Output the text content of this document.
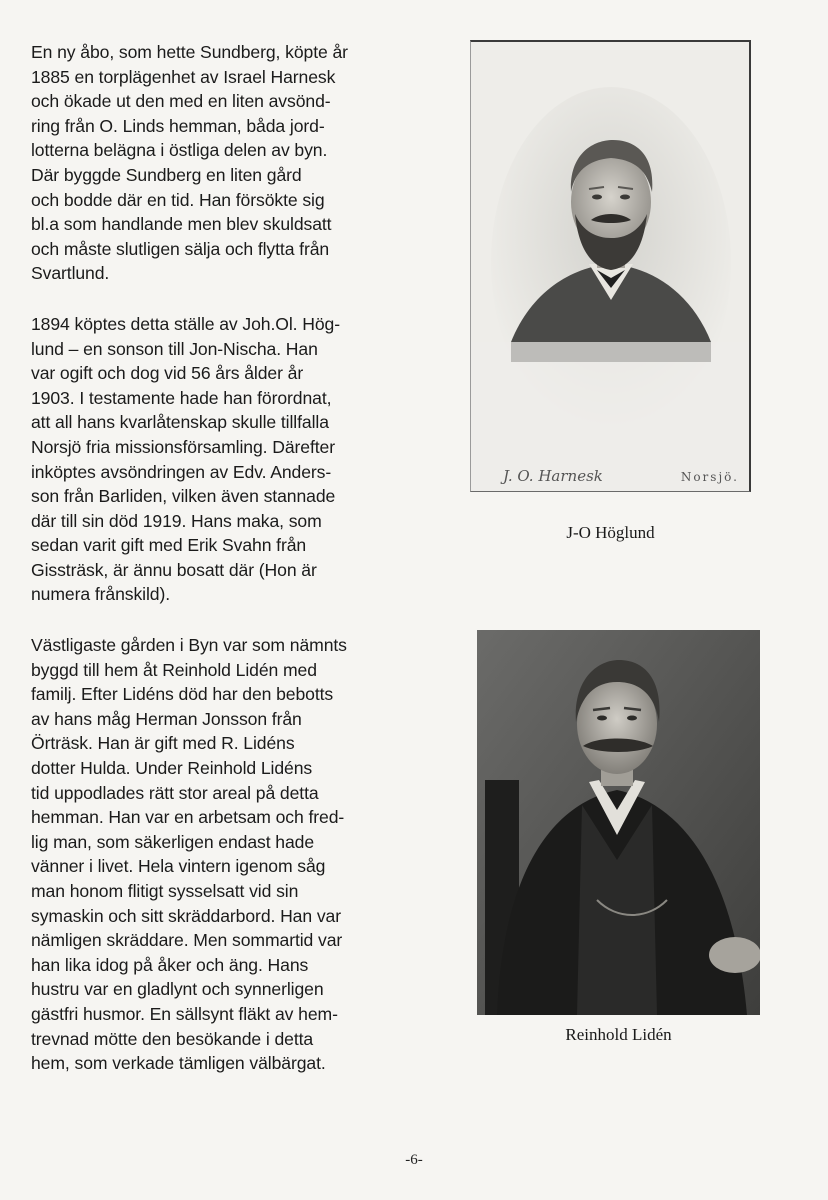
En ny åbo, som hette Sundberg, köpte år
1885 en torplägenhet av Israel Harnesk
och ökade ut den med en liten avsönd-
ring från O. Linds hemman, båda jord-
lotterna belägna i östliga delen av byn.
Där byggde Sundberg en liten gård
och bodde där en tid. Han försökte sig
bl.a som handlande men blev skuldsatt
och måste slutligen sälja och flytta från
Svartlund.

1894 köptes detta ställe av Joh.Ol. Hög-
lund – en sonson till Jon-Nischa. Han
var ogift och dog vid 56 års ålder år
1903. I testamente hade han förordnat,
att all hans kvarlåtenskap skulle tillfalla
Norsjö fria missionsförsamling. Därefter
inköptes avsöndringen av Edv. Anders-
son från Barliden, vilken även stannade
där till sin död 1919. Hans maka, som
sedan varit gift med Erik Svahn från
Gissträsk, är ännu bosatt där (Hon är
numera frånskild).

Västligaste gården i Byn var som nämnts
byggd till hem åt Reinhold Lidén med
familj. Efter Lidéns död har den bebotts
av hans måg Herman Jonsson från
Örträsk. Han är gift med R. Lidéns
dotter Hulda. Under Reinhold Lidéns
tid uppodlades rätt stor areal på detta
hemman. Han var en arbetsam och fred-
lig man, som säkerligen endast hade
vänner i livet. Hela vintern igenom såg
man honom flitigt sysselsatt vid sin
symaskin och sitt skräddarbord. Han var
nämligen skräddare. Men sommartid var
han lika idog på åker och äng. Hans
hustru var en gladlynt och synnerligen
gästfri husmor. En sällsynt fläkt av hem-
trevnad mötte den besökande i detta
hem, som verkade tämligen välbärgat.

J. O. Harnesk	Norsjö.
J-O Höglund
Reinhold Lidén
-6-
